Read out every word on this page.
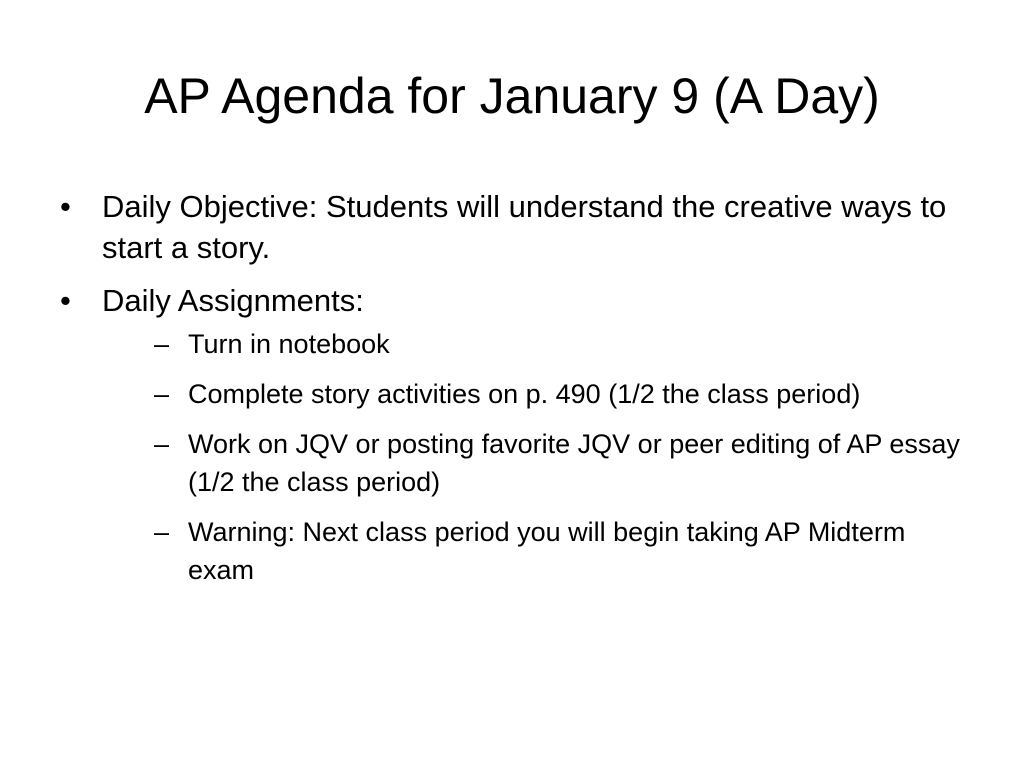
AP Agenda for January 9 (A Day)
•	Daily Objective: Students will understand the creative ways to start a story.
•	Daily Assignments:
– Turn in notebook
– Complete story activities on p. 490 (1/2 the class period)
– Work on JQV or posting favorite JQV or peer editing of AP essay (1/2 the class period)
– Warning: Next class period you will begin taking AP Midterm exam
